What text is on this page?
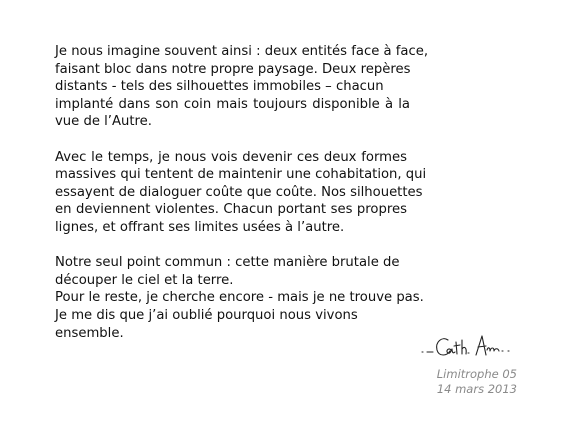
Je nous imagine souvent ainsi : deux entités face à face,
faisant bloc dans notre propre paysage. Deux repères
distants - tels des silhouettes immobiles – chacun
implanté dans son coin mais toujours disponible à la
vue de l’Autre.
Avec le temps, je nous vois devenir ces deux formes
massives qui tentent de maintenir une cohabitation, qui
essayent de dialoguer coûte que coûte. Nos silhouettes
en deviennent violentes. Chacun portant ses propres
lignes, et offrant ses limites usées à l’autre.
Notre seul point commun : cette manière brutale de
découper le ciel et la terre.
Pour le reste, je cherche encore - mais je ne trouve pas.
Je me dis que j’ai oublié pourquoi nous vivons
ensemble.
Limitrophe 05
14 mars 2013
